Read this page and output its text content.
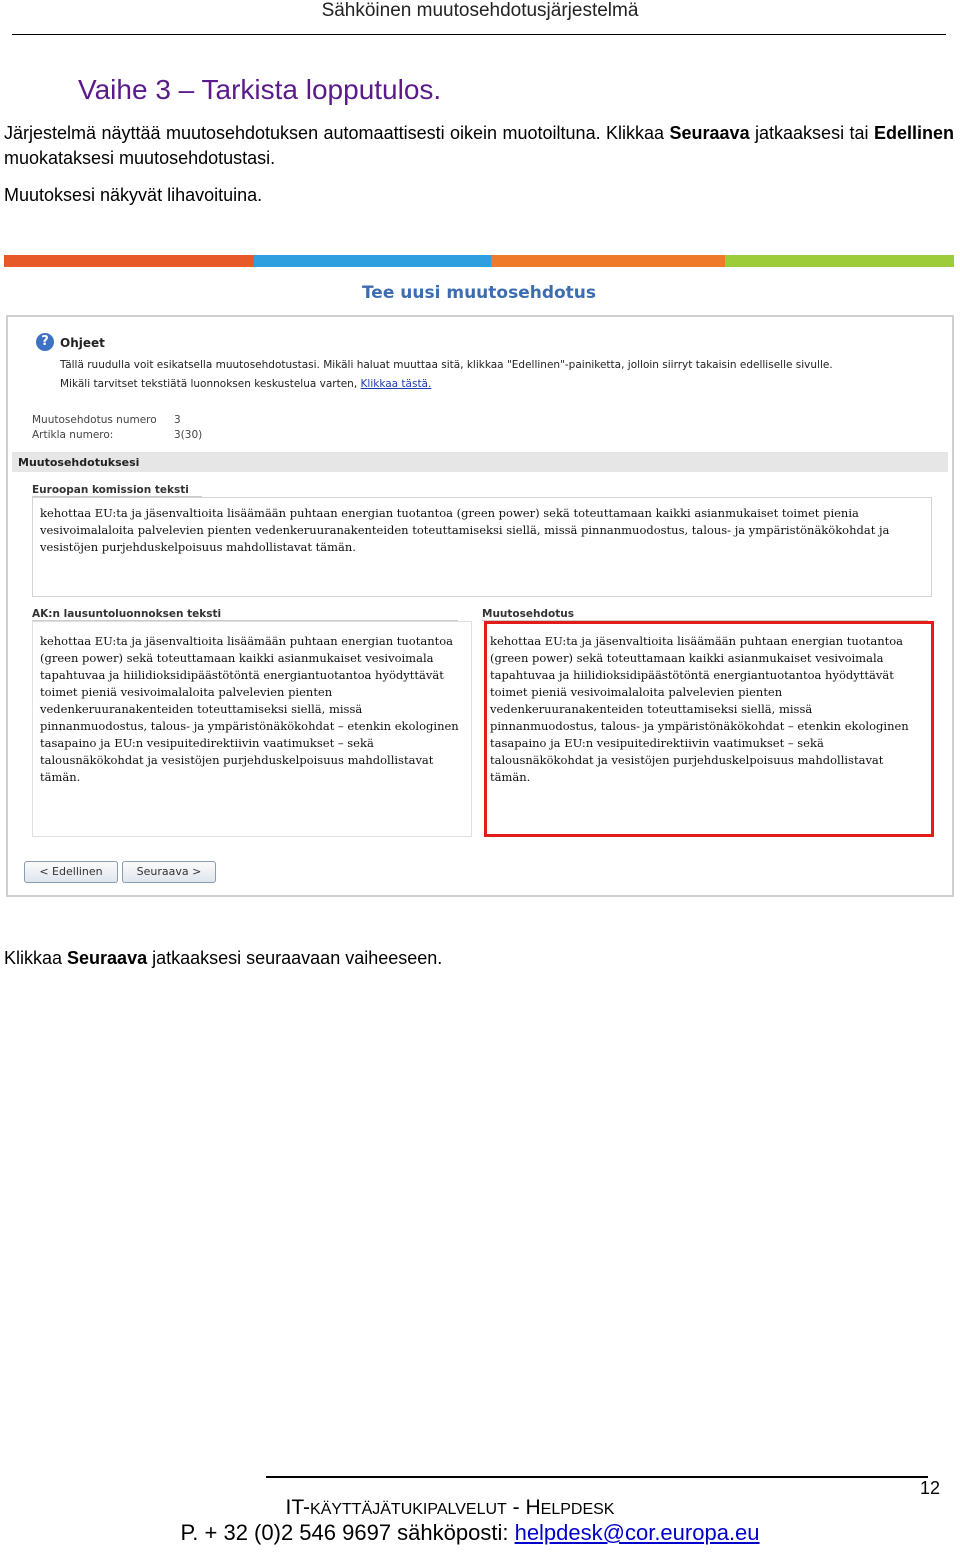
Sähköinen muutosehdotusjärjestelmä
Vaihe 3 – Tarkista lopputulos.
Järjestelmä näyttää muutosehdotuksen automaattisesti oikein muotoiltuna. Klikkaa Seuraava jatkaaksesi tai Edellinen muokataksesi muutosehdotustasi.
Muutoksesi näkyvät lihavoituina.
Tee uusi muutosehdotus
? Ohjeet
Tällä ruudulla voit esikatsella muutosehdotustasi. Mikäli haluat muuttaa sitä, klikkaa "Edellinen"-painiketta, jolloin siirryt takaisin edelliselle sivulle.
Mikäli tarvitset tekstiätä luonnoksen keskustelua varten, Klikkaa tästä.
Muutosehdotus numero 3
Artikla numero:	3(30)
Muutosehdotuksesi
Euroopan komission teksti
kehottaa EU:ta ja jäsenvaltioita lisäämään puhtaan energian tuotantoa (green power) sekä toteuttamaan kaikki asianmukaiset toimet pienia vesivoimalaloita palvelevien pienten vedenkeruuranakenteiden toteuttamiseksi siellä, missä pinnanmuodostus, talous- ja ympäristönäkökohdat ja vesistöjen purjehduskelpoisuus mahdollistavat tämän.
AK:n lausuntoluonnoksen teksti
kehottaa EU:ta ja jäsenvaltioita lisäämään puhtaan energian tuotantoa (green power) sekä toteuttamaan kaikki asianmukaiset vesivoimala tapahtuvaa ja hiilidioksidipäästötöntä energiantuotantoa hyödyttävät toimet pieniä vesivoimalaloita palvelevien pienten vedenkeruuranakenteiden toteuttamiseksi siellä, missä pinnanmuodostus, talous- ja ympäristönäkökohdat – etenkin ekologinen tasapaino ja EU:n vesipuitedirektiivin vaatimukset – sekä talousnäkökohdat ja vesistöjen purjehduskelpoisuus mahdollistavat tämän.
Muutosehdotus
kehottaa EU:ta ja jäsenvaltioita lisäämään puhtaan energian tuotantoa (green power) sekä toteuttamaan kaikki asianmukaiset vesivoimala tapahtuvaa ja hiilidioksidipäästötöntä energiantuotantoa hyödyttävät toimet pieniä vesivoimalaloita palvelevien pienten vedenkeruuranakenteiden toteuttamiseksi siellä, missä pinnanmuodostus, talous- ja ympäristönäkökohdat – etenkin ekologinen tasapaino ja EU:n vesipuitedirektiivin vaatimukset – sekä talousnäkökohdat ja vesistöjen purjehduskelpoisuus mahdollistavat tämän.
< Edellinen	Seuraava >
Klikkaa Seuraava jatkaaksesi seuraavaan vaiheeseen.
12
IT-KÄYTTÄJÄTUKIPALVELUT - HELPDESK
P. + 32 (0)2 546 9697 sähköposti: helpdesk@cor.europa.eu
